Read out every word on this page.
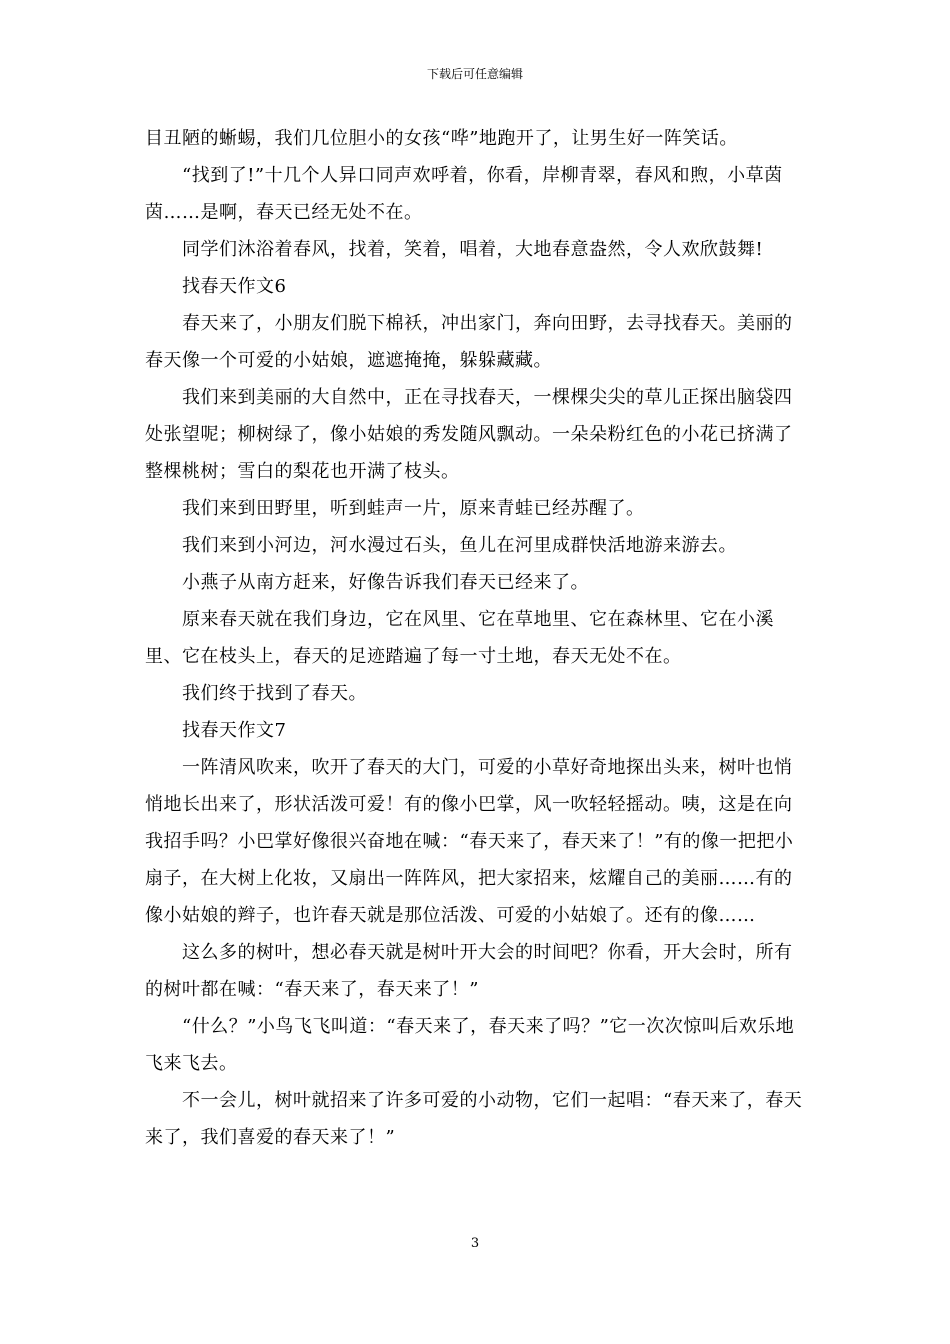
下载后可任意编辑

目丑陋的蜥蜴，我们几位胆小的女孩“哗”地跑开了，让男生好一阵笑话。

“找到了!”十几个人异口同声欢呼着，你看，岸柳青翠，春风和煦，小草茵茵……是啊，春天已经无处不在。

同学们沐浴着春风，找着，笑着，唱着，大地春意盎然，令人欢欣鼓舞!

找春天作文6

春天来了，小朋友们脱下棉袄，冲出家门，奔向田野，去寻找春天。美丽的春天像一个可爱的小姑娘，遮遮掩掩，躲躲藏藏。

我们来到美丽的大自然中，正在寻找春天，一棵棵尖尖的草儿正探出脑袋四处张望呢；柳树绿了，像小姑娘的秀发随风飘动。一朵朵粉红色的小花已挤满了整棵桃树；雪白的梨花也开满了枝头。

我们来到田野里，听到蛙声一片，原来青蛙已经苏醒了。

我们来到小河边，河水漫过石头，鱼儿在河里成群快活地游来游去。

小燕子从南方赶来，好像告诉我们春天已经来了。

原来春天就在我们身边，它在风里、它在草地里、它在森林里、它在小溪里、它在枝头上，春天的足迹踏遍了每一寸土地，春天无处不在。

我们终于找到了春天。

找春天作文7

一阵清风吹来，吹开了春天的大门，可爱的小草好奇地探出头来，树叶也悄悄地长出来了，形状活泼可爱！有的像小巴掌，风一吹轻轻摇动。咦，这是在向我招手吗？小巴掌好像很兴奋地在喊：“春天来了，春天来了！”有的像一把把小扇子，在大树上化妆，又扇出一阵阵风，把大家招来，炫耀自己的美丽……有的像小姑娘的辫子，也许春天就是那位活泼、可爱的小姑娘了。还有的像……

这么多的树叶，想必春天就是树叶开大会的时间吧？你看，开大会时，所有的树叶都在喊：“春天来了，春天来了！”

“什么？”小鸟飞飞叫道：“春天来了，春天来了吗？”它一次次惊叫后欢乐地飞来飞去。

不一会儿，树叶就招来了许多可爱的小动物，它们一起唱：“春天来了，春天来了，我们喜爱的春天来了！”

3
